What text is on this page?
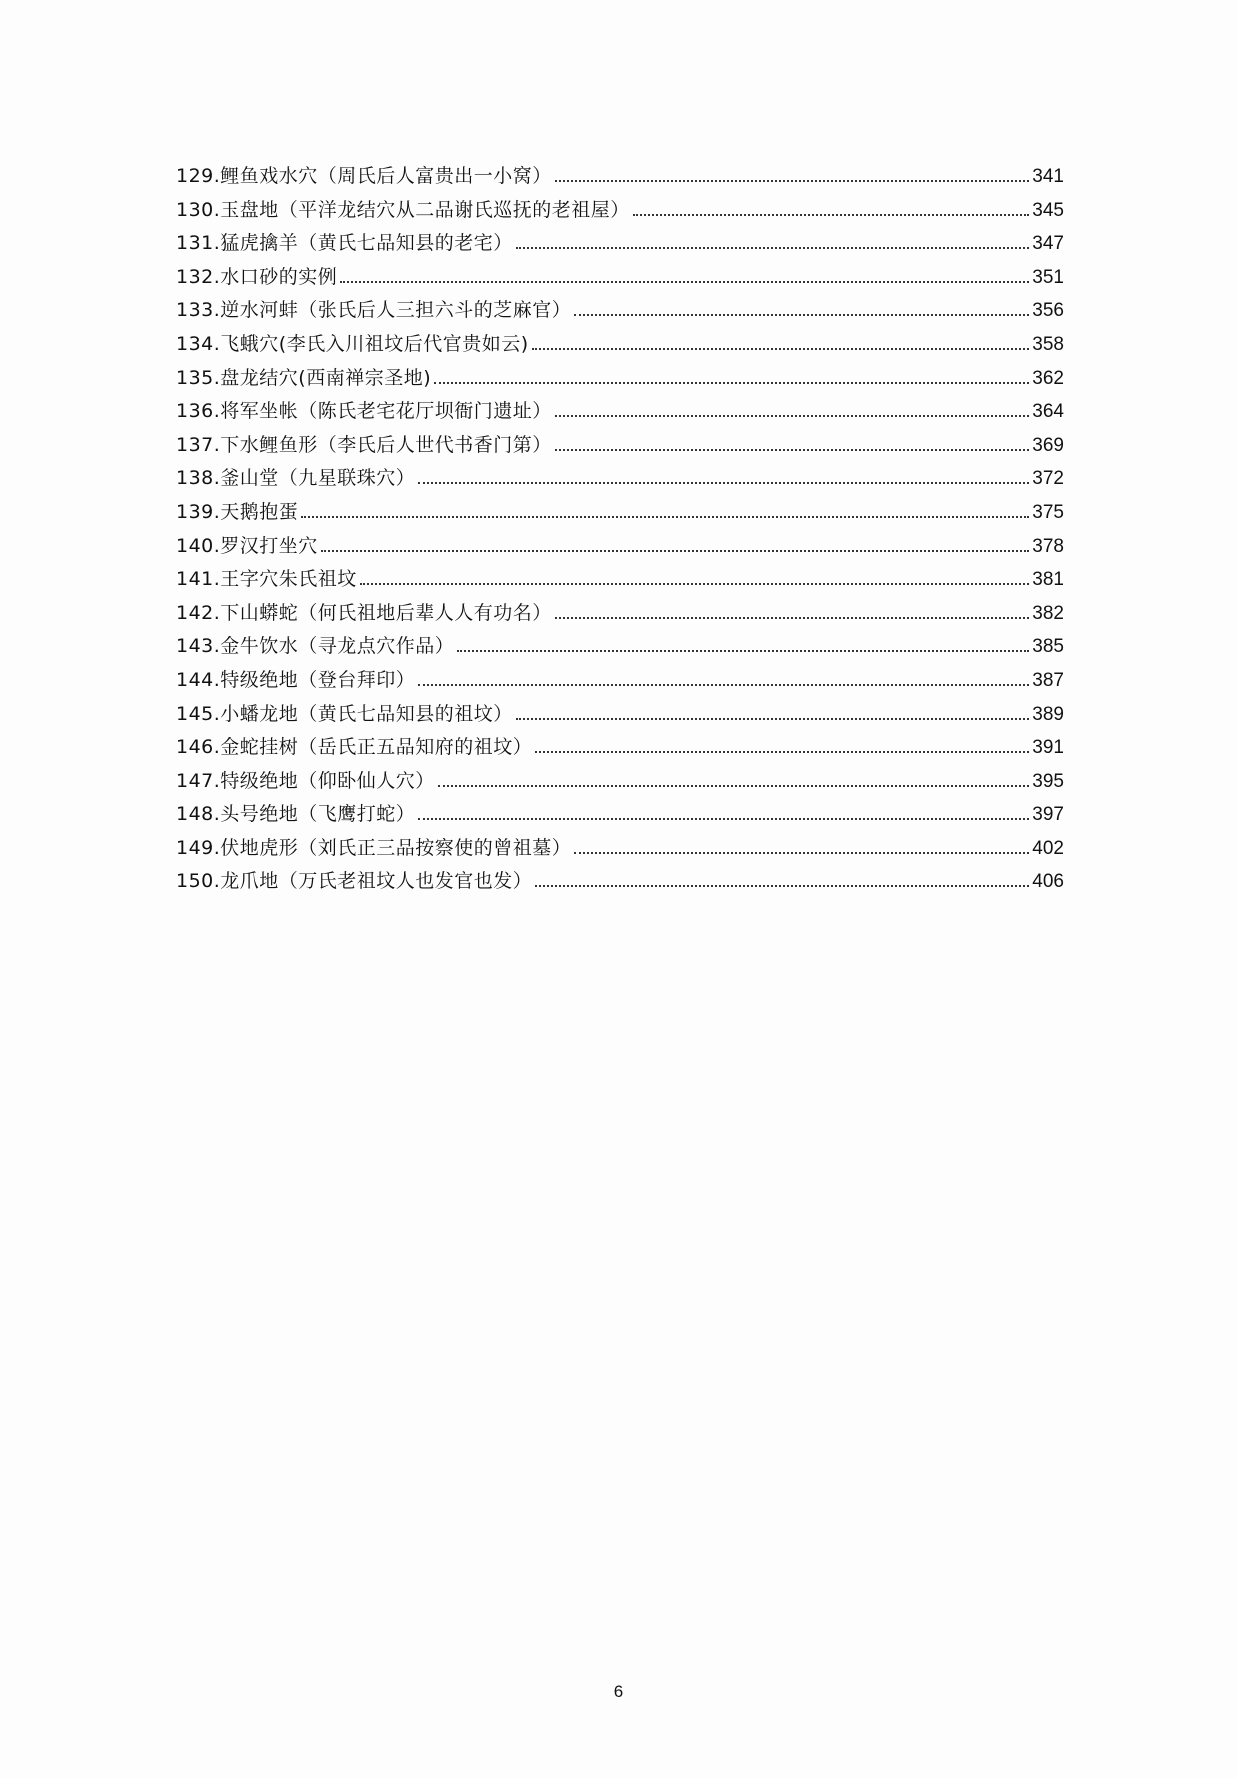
129.鲤鱼戏水穴（周氏后人富贵出一小窝）	341
130.玉盘地（平洋龙结穴从二品谢氏巡抚的老祖屋）	345
131.猛虎擒羊（黄氏七品知县的老宅）	347
132.水口砂的实例	351
133.逆水河蚌（张氏后人三担六斗的芝麻官）	356
134.飞蛾穴(李氏入川祖坟后代官贵如云)	358
135.盘龙结穴(西南禅宗圣地)	362
136.将军坐帐（陈氏老宅花厅坝衙门遗址）	364
137.下水鲤鱼形（李氏后人世代书香门第）	369
138.釜山堂（九星联珠穴）	372
139.天鹅抱蛋	375
140.罗汉打坐穴	378
141.王字穴朱氏祖坟	381
142.下山蟒蛇（何氏祖地后辈人人有功名）	382
143.金牛饮水（寻龙点穴作品）	385
144.特级绝地（登台拜印）	387
145.小蟠龙地（黄氏七品知县的祖坟）	389
146.金蛇挂树（岳氏正五品知府的祖坟）	391
147.特级绝地（仰卧仙人穴）	395
148.头号绝地（飞鹰打蛇）	397
149.伏地虎形（刘氏正三品按察使的曾祖墓）	402
150.龙爪地（万氏老祖坟人也发官也发）	406
6
